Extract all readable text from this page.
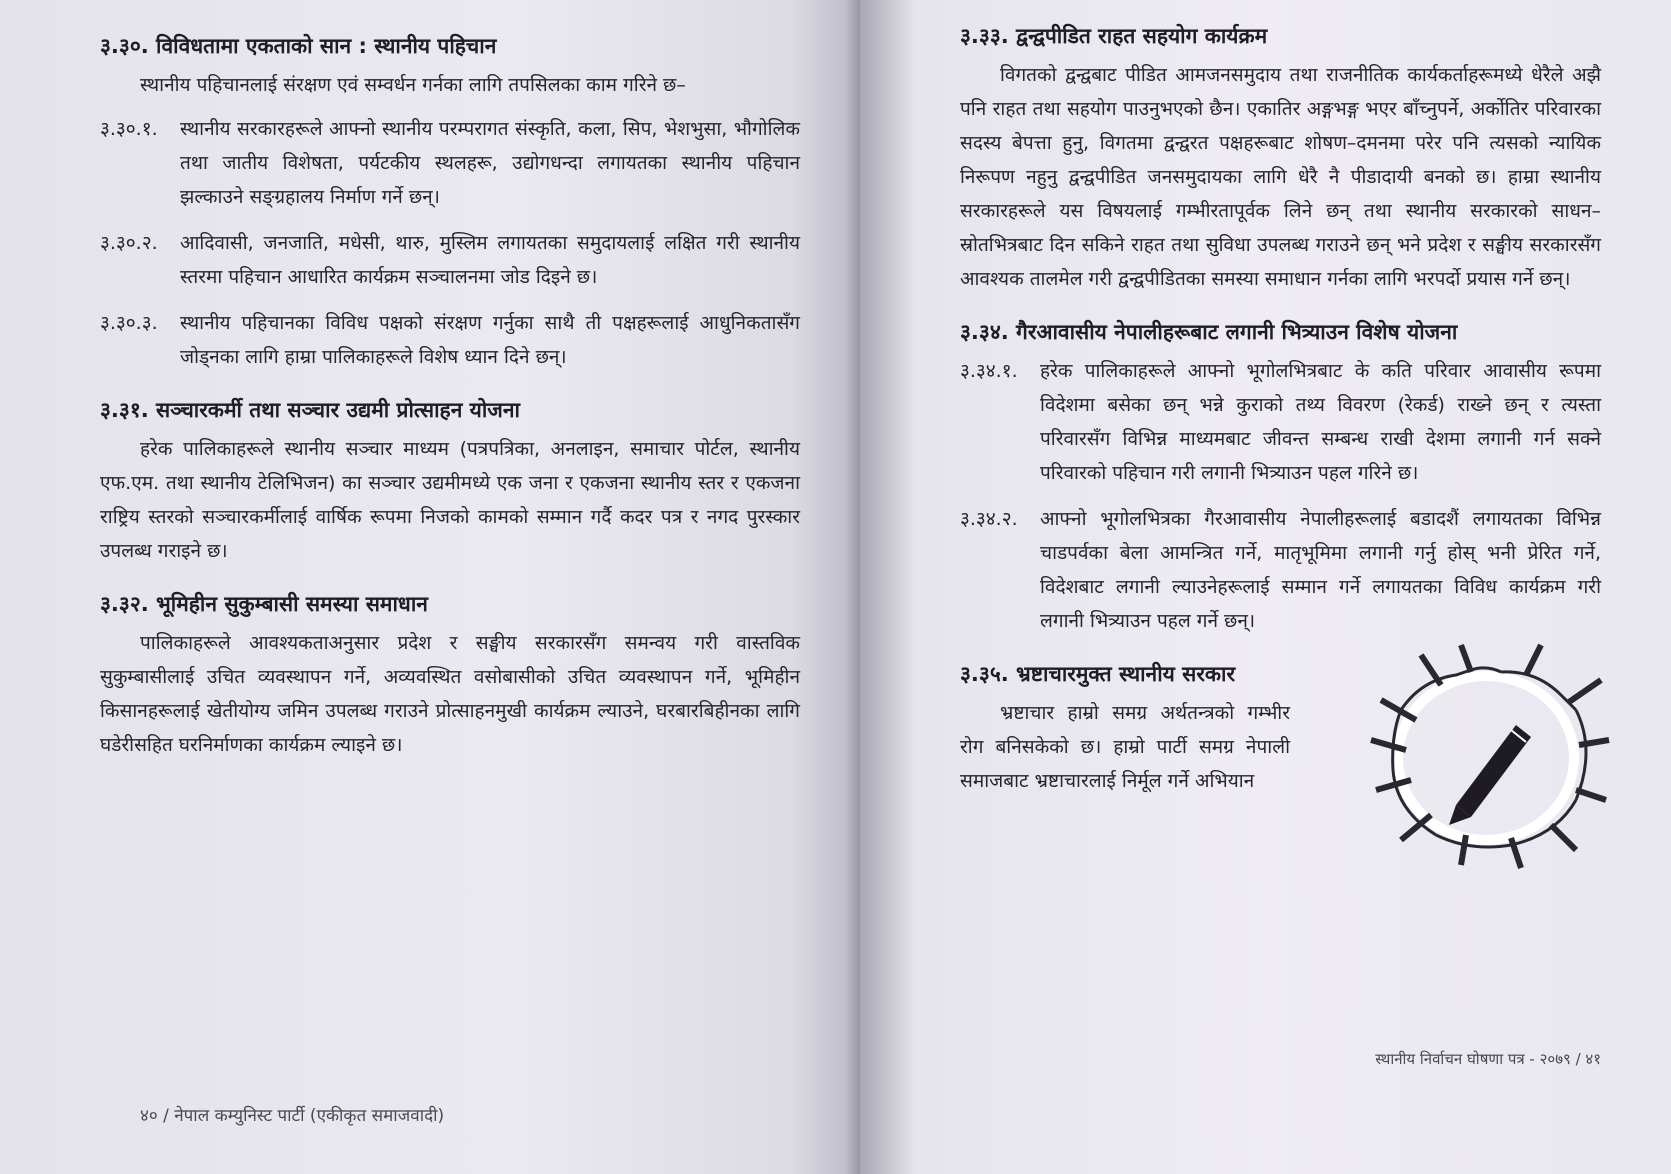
३.३०. विविधतामा एकताको सान : स्थानीय पहिचान
स्थानीय पहिचानलाई संरक्षण एवं सम्वर्धन गर्नका लागि तपसिलका काम गरिने छ–
३.३०.१.	स्थानीय सरकारहरूले आफ्नो स्थानीय परम्परागत संस्कृति, कला, सिप, भेशभुसा, भौगोलिक तथा जातीय विशेषता, पर्यटकीय स्थलहरू, उद्योगधन्दा लगायतका स्थानीय पहिचान झल्काउने सङ्ग्रहालय निर्माण गर्ने छन्।
३.३०.२.	आदिवासी, जनजाति, मधेसी, थारु, मुस्लिम लगायतका समुदायलाई लक्षित गरी स्थानीय स्तरमा पहिचान आधारित कार्यक्रम सञ्चालनमा जोड दिइने छ।
३.३०.३.	स्थानीय पहिचानका विविध पक्षको संरक्षण गर्नुका साथै ती पक्षहरूलाई आधुनिकतासँग जोड्नका लागि हाम्रा पालिकाहरूले विशेष ध्यान दिने छन्।
३.३१. सञ्चारकर्मी तथा सञ्चार उद्यमी प्रोत्साहन योजना
हरेक पालिकाहरूले स्थानीय सञ्चार माध्यम (पत्रपत्रिका, अनलाइन, समाचार पोर्टल, स्थानीय एफ.एम. तथा स्थानीय टेलिभिजन) का सञ्चार उद्यमीमध्ये एक जना र एकजना स्थानीय स्तर र एकजना राष्ट्रिय स्तरको सञ्चारकर्मीलाई वार्षिक रूपमा निजको कामको सम्मान गर्दै कदर पत्र र नगद पुरस्कार उपलब्ध गराइने छ।
३.३२. भूमिहीन सुकुम्बासी समस्या समाधान
पालिकाहरूले आवश्यकताअनुसार प्रदेश र सङ्घीय सरकारसँग समन्वय गरी वास्तविक सुकुम्बासीलाई उचित व्यवस्थापन गर्ने, अव्यवस्थित वसोबासीको उचित व्यवस्थापन गर्ने, भूमिहीन किसानहरूलाई खेतीयोग्य जमिन उपलब्ध गराउने प्रोत्साहनमुखी कार्यक्रम ल्याउने, घरबारबिहीनका लागि घडेरीसहित घरनिर्माणका कार्यक्रम ल्याइने छ।
४० / नेपाल कम्युनिस्ट पार्टी (एकीकृत समाजवादी)
३.३३. द्वन्द्वपीडित राहत सहयोग कार्यक्रम
विगतको द्वन्द्वबाट पीडित आमजनसमुदाय तथा राजनीतिक कार्यकर्ताहरूमध्ये धेरैले अझै पनि राहत तथा सहयोग पाउनुभएको छैन। एकातिर अङ्गभङ्ग भएर बाँच्नुपर्ने, अर्कोतिर परिवारका सदस्य बेपत्ता हुनु, विगतमा द्वन्द्वरत पक्षहरूबाट शोषण–दमनमा परेर पनि त्यसको न्यायिक निरूपण नहुनु द्वन्द्वपीडित जनसमुदायका लागि धेरै नै पीडादायी बनको छ। हाम्रा स्थानीय सरकारहरूले यस विषयलाई गम्भीरतापूर्वक लिने छन् तथा स्थानीय सरकारको साधन–स्रोतभित्रबाट दिन सकिने राहत तथा सुविधा उपलब्ध गराउने छन् भने प्रदेश र सङ्घीय सरकारसँग आवश्यक तालमेल गरी द्वन्द्वपीडितका समस्या समाधान गर्नका लागि भरपर्दो प्रयास गर्ने छन्।
३.३४. गैरआवासीय नेपालीहरूबाट लगानी भित्र्याउन विशेष योजना
३.३४.१.	हरेक पालिकाहरूले आफ्नो भूगोलभित्रबाट के कति परिवार आवासीय रूपमा विदेशमा बसेका छन् भन्ने कुराको तथ्य विवरण (रेकर्ड) राख्ने छन् र त्यस्ता परिवारसँग विभिन्न माध्यमबाट जीवन्त सम्बन्ध राखी देशमा लगानी गर्न सक्ने परिवारको पहिचान गरी लगानी भित्र्याउन पहल गरिने छ।
३.३४.२.	आफ्नो भूगोलभित्रका गैरआवासीय नेपालीहरूलाई बडादशैं लगायतका विभिन्न चाडपर्वका बेला आमन्त्रित गर्ने, मातृभूमिमा लगानी गर्नु होस् भनी प्रेरित गर्ने, विदेशबाट लगानी ल्याउनेहरूलाई सम्मान गर्ने लगायतका विविध कार्यक्रम गरी लगानी भित्र्याउन पहल गर्ने छन्।
३.३५. भ्रष्टाचारमुक्त स्थानीय सरकार
भ्रष्टाचार हाम्रो समग्र अर्थतन्त्रको गम्भीर रोग बनिसकेको छ। हाम्रो पार्टी समग्र नेपाली समाजबाट भ्रष्टाचारलाई निर्मूल गर्ने अभियान
स्थानीय निर्वाचन घोषणा पत्र - २०७९ / ४१
